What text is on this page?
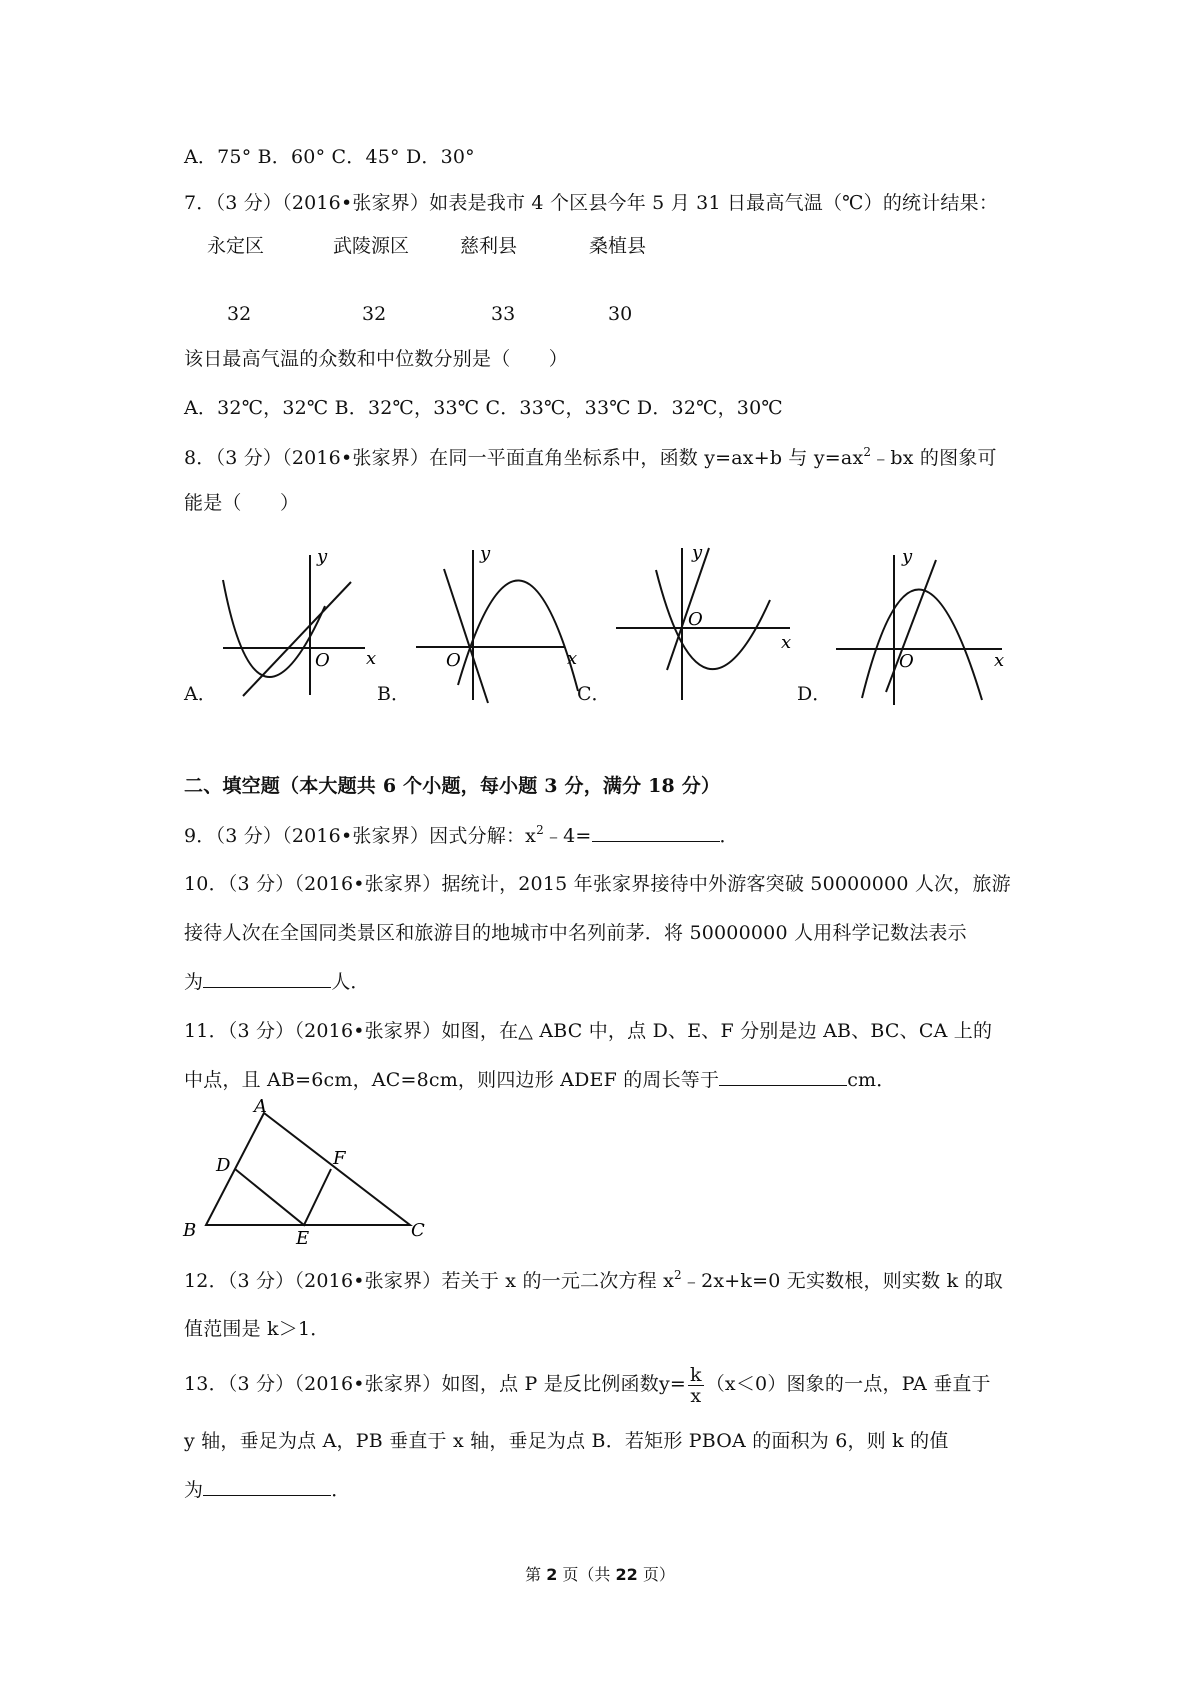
A．75° B．60° C．45° D．30°
7．（3 分）（2016•张家界）如表是我市 4 个区县今年 5 月 31 日最高气温（℃）的统计结果：
永定区	武陵源区	慈利县	桑植县
32	32	33	30
该日最高气温的众数和中位数分别是（　　）
A．32℃，32℃ B．32℃，33℃ C．33℃，33℃ D．32℃，30℃
8．（3 分）（2016•张家界）在同一平面直角坐标系中，函数 y=ax+b 与 $y=ax^2﹣bx$ 的图象可
能是（　　）
y
x
O
A．
y
x
O
B．
y
x
O
C．
y
x
O
D．
二、填空题（本大题共 6 个小题，每小题 3 分，满分 18 分）
9．（3 分）（2016•张家界）因式分解：$x^2﹣4=$	．
10．（3 分）（2016•张家界）据统计，2015 年张家界接待中外游客突破 50000000 人次，旅游
接待人次在全国同类景区和旅游目的地城市中名列前茅．将 50000000 人用科学记数法表示
为	人．
11．（3 分）（2016•张家界）如图，在△ ABC 中，点 D、E、F 分别是边 AB、BC、CA 上的
中点，且 AB=6cm，AC=8cm，则四边形 ADEF 的周长等于	cm．
A
B	C
D
E
F
12．（3 分）（2016•张家界）若关于 x 的一元二次方程 $x^2﹣2x+k=0$ 无实数根，则实数 k 的取
值范围是 k＞1．
13．（3 分）（2016•张家界）如图，点 P 是反比例函数$y= \frac{k}{x} (x<0)$图象的一点，PA 垂直于
y 轴，垂足为点 A，PB 垂直于 x 轴，垂足为点 B．若矩形 PBOA 的面积为 6，则 k 的值
为	．
第 2 页（共 22 页）
